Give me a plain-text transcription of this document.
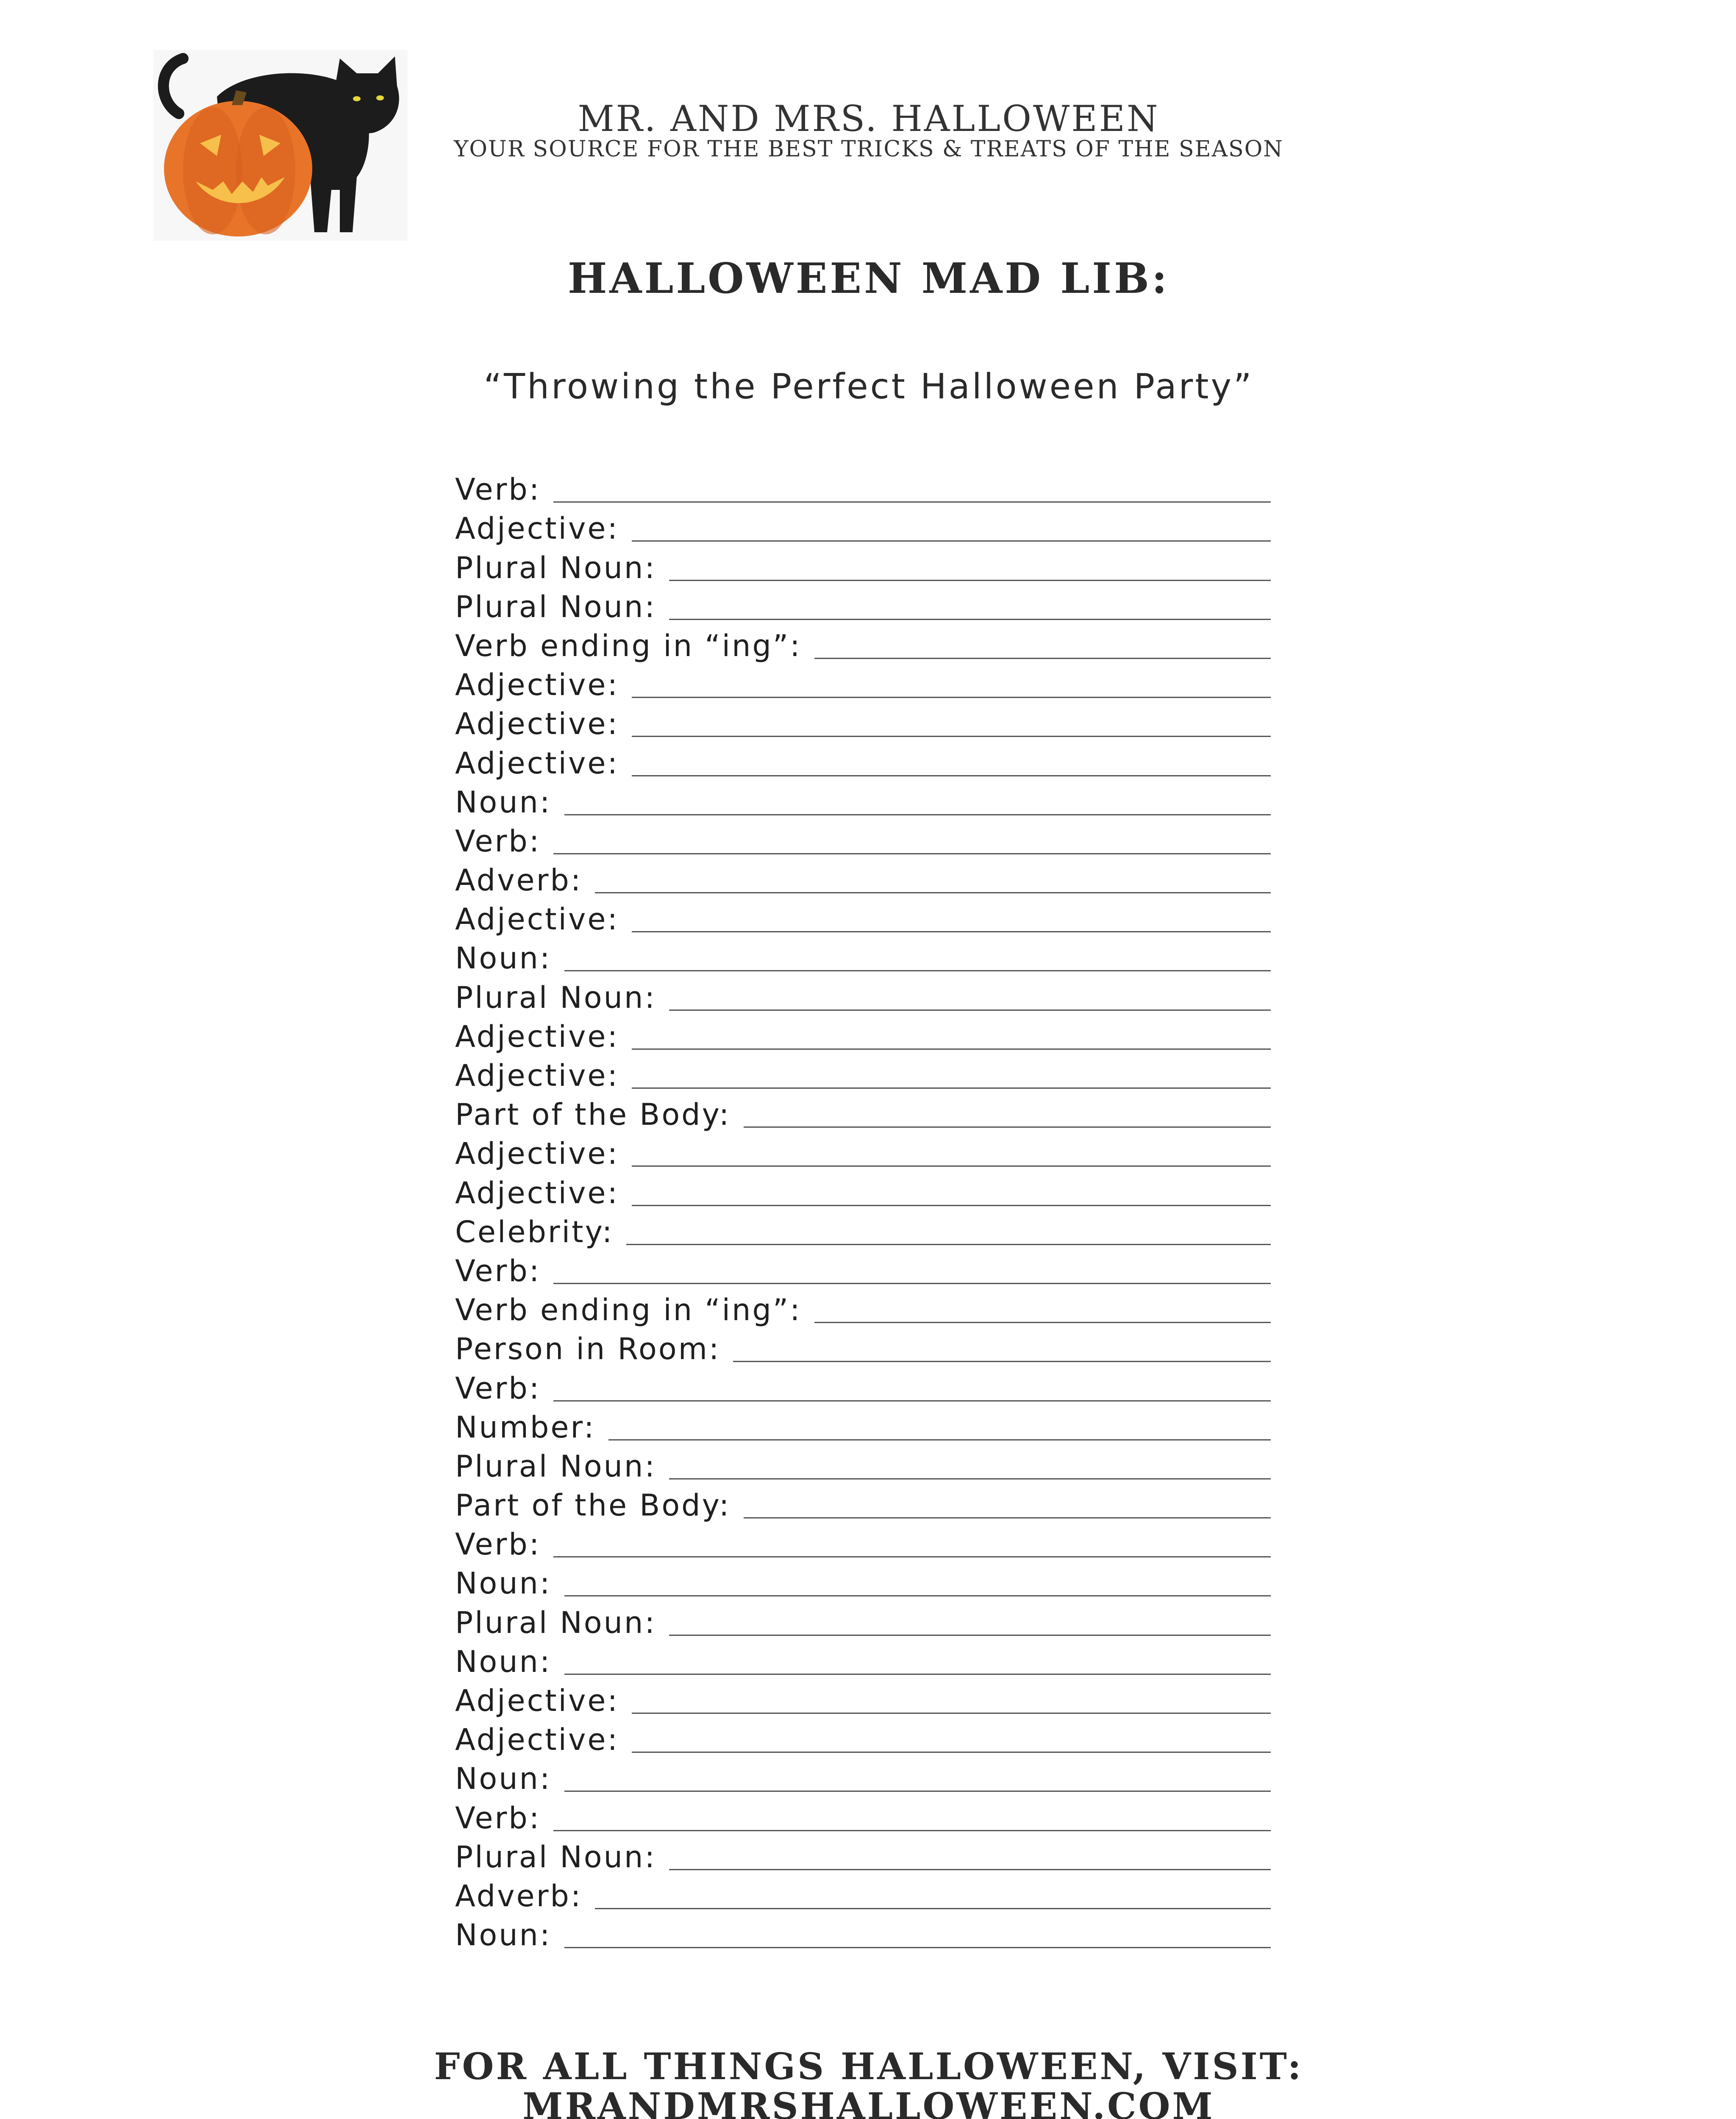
MR. AND MRS. HALLOWEEN
YOUR SOURCE FOR THE BEST TRICKS & TREATS OF THE SEASON
HALLOWEEN MAD LIB:
“Throwing the Perfect Halloween Party”
Verb:
Adjective:
Plural Noun:
Plural Noun:
Verb ending in “ing”:
Adjective:
Adjective:
Adjective:
Noun:
Verb:
Adverb:
Adjective:
Noun:
Plural Noun:
Adjective:
Adjective:
Part of the Body:
Adjective:
Adjective:
Celebrity:
Verb:
Verb ending in “ing”:
Person in Room:
Verb:
Number:
Plural Noun:
Part of the Body:
Verb:
Noun:
Plural Noun:
Noun:
Adjective:
Adjective:
Noun:
Verb:
Plural Noun:
Adverb:
Noun:
FOR ALL THINGS HALLOWEEN, VISIT:
MRANDMRSHALLOWEEN.COM
